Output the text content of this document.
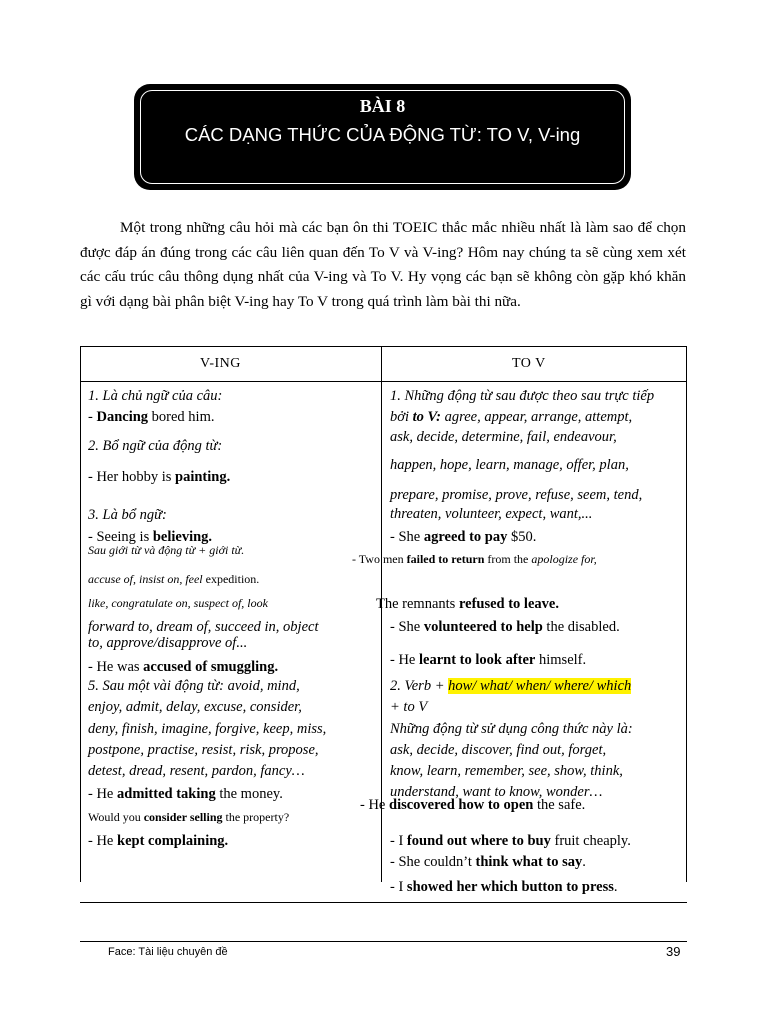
BÀI 8
CÁC DẠNG THỨC CỦA ĐỘNG TỪ: TO V, V-ing

Một trong những câu hỏi mà các bạn ôn thi TOEIC thắc mắc nhiều nhất là làm sao để chọn được đáp án đúng trong các câu liên quan đến To V và V-ing? Hôm nay chúng ta sẽ cùng xem xét các cấu trúc câu thông dụng nhất của V-ing và To V. Hy vọng các bạn sẽ không còn gặp khó khăn gì với dạng bài phân biệt V-ing hay To V trong quá trình làm bài thi nữa.

V-ING	TO V
1. Là chủ ngữ của câu:
- Dancing bored him.
2. Bổ ngữ của động từ:
- Her hobby is painting.
3. Là bổ ngữ:
- Seeing is believing.
Sau giới từ và động từ + giới từ.
accuse of, insist on, feel expedition.
like, congratulate on, suspect of, look
forward to, dream of, succeed in, object
to, approve/disapprove of...
- He was accused of smuggling.
5. Sau một vài động từ: avoid, mind,
enjoy, admit, delay, excuse, consider,
deny, finish, imagine, forgive, keep, miss,
postpone, practise, resist, risk, propose,
detest, dread, resent, pardon, fancy…
- He admitted taking the money.
Would you consider selling the property?
- He kept complaining.
1. Những động từ sau được theo sau trực tiếp
bởi to V: agree, appear, arrange, attempt,
ask, decide, determine, fail, endeavour,
happen, hope, learn, manage, offer, plan,
prepare, promise, prove, refuse, seem, tend,
threaten, volunteer, expect, want,...
- She agreed to pay $50.
- Two men failed to return from the apologize for,
The remnants refused to leave.
- She volunteered to help the disabled.
- He learnt to look after himself.
2. Verb + how/ what/ when/ where/ which
+ to V
Những động từ sử dụng công thức này là:
ask, decide, discover, find out, forget,
know, learn, remember, see, show, think,
understand, want to know, wonder…
- He discovered how to open the safe.
- I found out where to buy fruit cheaply.
- She couldn’t think what to say.
- I showed her which button to press.
Face: Tài liệu chuyên đề	39
